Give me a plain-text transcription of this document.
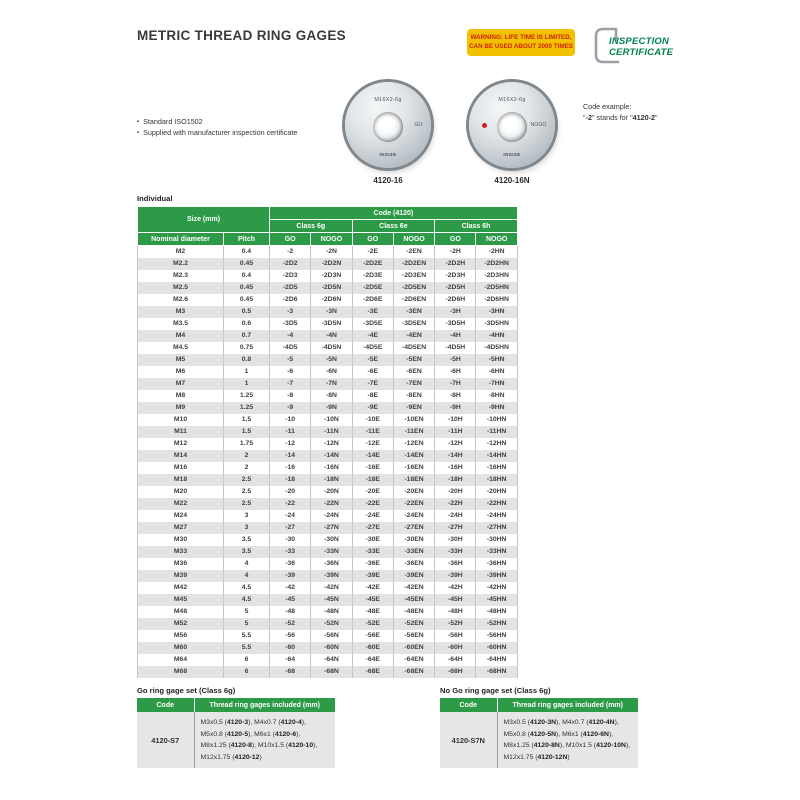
METRIC THREAD RING GAGES	WARNING: LIFE TIME IS LIMITED,
CAN BE USED ABOUT 2000 TIMES	INSPECTION
CERTIFICATE
▪ Standard ISO1502
▪ Supplied with manufacturer inspection certificate
M16X2-6g
GO
INSIZE
4120-16
M16X2-6g
NOGO
INSIZE
4120-16N
Code example:
"-2" stands for "4120-2"
Individual
Size (mm)		Code (4120)					
		Class 6g		Class 6e		Class 6h	
Nominal diameter	Pitch	GO	NOGO	GO	NOGO	GO	NOGO
M2	0.4	-2	-2N	-2E	-2EN	-2H	-2HN
M2.2	0.45	-2D2	-2D2N	-2D2E	-2D2EN	-2D2H	-2D2HN
M2.3	0.4	-2D3	-2D3N	-2D3E	-2D3EN	-2D3H	-2D3HN
M2.5	0.45	-2D5	-2D5N	-2D5E	-2D5EN	-2D5H	-2D5HN
M2.6	0.45	-2D6	-2D6N	-2D6E	-2D6EN	-2D6H	-2D6HN
M3	0.5	-3	-3N	-3E	-3EN	-3H	-3HN
M3.5	0.6	-3D5	-3D5N	-3D5E	-3D5EN	-3D5H	-3D5HN
M4	0.7	-4	-4N	-4E	-4EN	-4H	-4HN
M4.5	0.75	-4D5	-4D5N	-4D5E	-4D5EN	-4D5H	-4D5HN
M5	0.8	-5	-5N	-5E	-5EN	-5H	-5HN
M6	1	-6	-6N	-6E	-6EN	-6H	-6HN
M7	1	-7	-7N	-7E	-7EN	-7H	-7HN
M8	1.25	-8	-8N	-8E	-8EN	-8H	-8HN
M9	1.25	-9	-9N	-9E	-9EN	-9H	-9HN
M10	1.5	-10	-10N	-10E	-10EN	-10H	-10HN
M11	1.5	-11	-11N	-11E	-11EN	-11H	-11HN
M12	1.75	-12	-12N	-12E	-12EN	-12H	-12HN
M14	2	-14	-14N	-14E	-14EN	-14H	-14HN
M16	2	-16	-16N	-16E	-16EN	-16H	-16HN
M18	2.5	-18	-18N	-18E	-18EN	-18H	-18HN
M20	2.5	-20	-20N	-20E	-20EN	-20H	-20HN
M22	2.5	-22	-22N	-22E	-22EN	-22H	-22HN
M24	3	-24	-24N	-24E	-24EN	-24H	-24HN
M27	3	-27	-27N	-27E	-27EN	-27H	-27HN
M30	3.5	-30	-30N	-30E	-30EN	-30H	-30HN
M33	3.5	-33	-33N	-33E	-33EN	-33H	-33HN
M36	4	-36	-36N	-36E	-36EN	-36H	-36HN
M39	4	-39	-39N	-39E	-39EN	-39H	-39HN
M42	4.5	-42	-42N	-42E	-42EN	-42H	-42HN
M45	4.5	-45	-45N	-45E	-45EN	-45H	-45HN
M48	5	-48	-48N	-48E	-48EN	-48H	-48HN
M52	5	-52	-52N	-52E	-52EN	-52H	-52HN
M56	5.5	-56	-56N	-56E	-56EN	-56H	-56HN
M60	5.5	-60	-60N	-60E	-60EN	-60H	-60HN
M64	6	-64	-64N	-64E	-64EN	-64H	-64HN
M68	6	-68	-68N	-68E	-68EN	-68H	-68HN
Go ring gage set (Class 6g)
Code	Thread ring gages included (mm)
4120-S7	M3x0.5 (4120-3), M4x0.7 (4120-4),
M5x0.8 (4120-5), M6x1 (4120-6),
M8x1.25 (4120-8), M10x1.5 (4120-10),
M12x1.75 (4120-12)
No Go ring gage set (Class 6g)
Code	Thread ring gages included (mm)
4120-S7N	M3x0.5 (4120-3N), M4x0.7 (4120-4N),
M5x0.8 (4120-5N), M6x1 (4120-6N),
M8x1.25 (4120-8N), M10x1.5 (4120-10N),
M12x1.75 (4120-12N)
